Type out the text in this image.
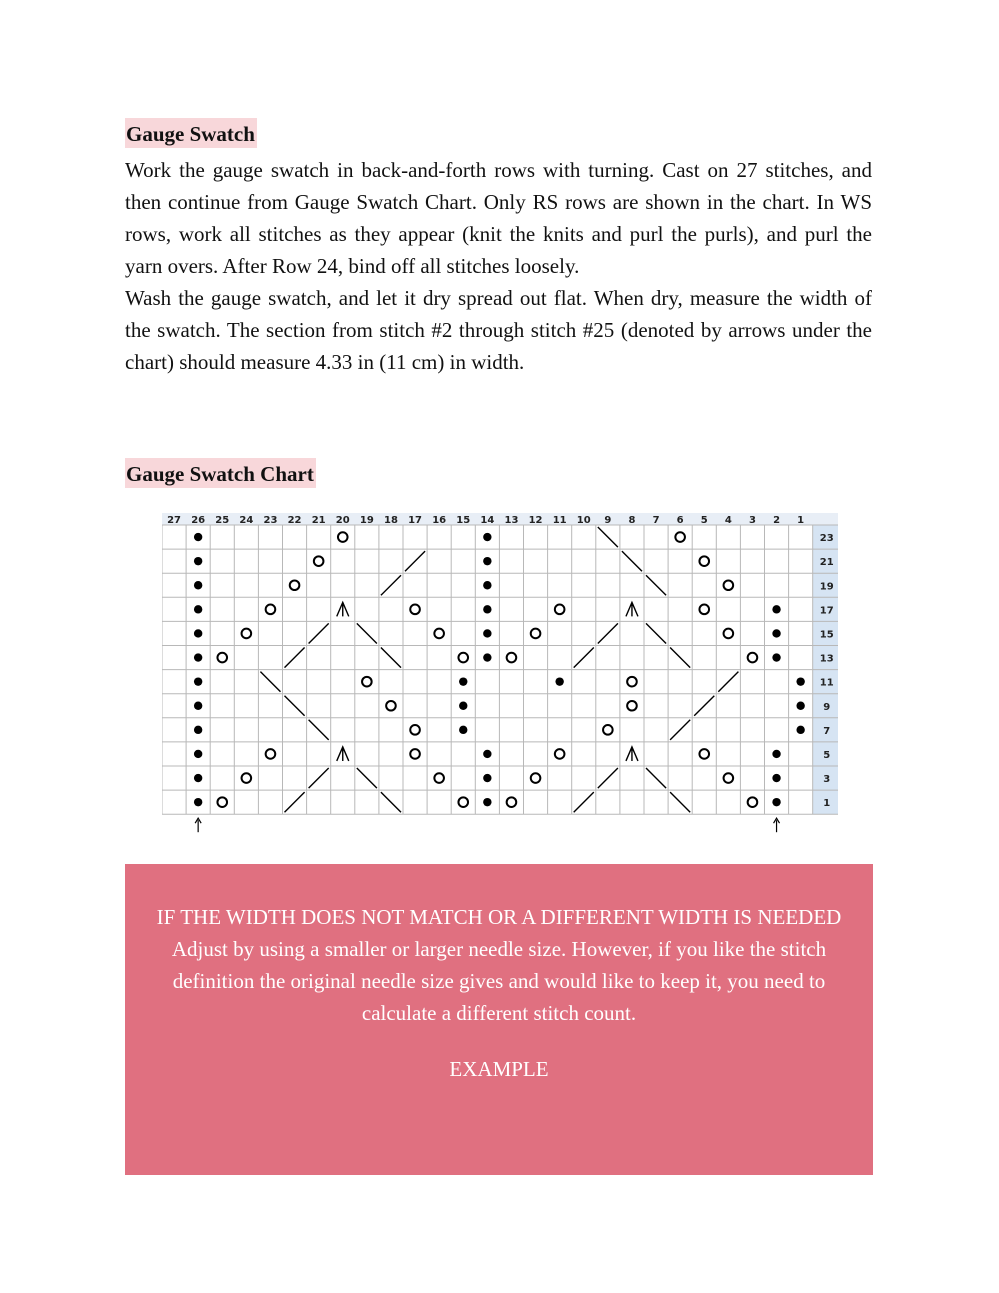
Gauge Swatch

Work the gauge swatch in back-and-forth rows with turning. Cast on 27 stitches, and then continue from Gauge Swatch Chart. Only RS rows are shown in the chart. In WS rows, work all stitches as they appear (knit the knits and purl the purls), and purl the yarn overs. After Row 24, bind off all stitches loosely.

Wash the gauge swatch, and let it dry spread out flat. When dry, measure the width of the swatch. The section from stitch #2 through stitch #25 (denoted by arrows under the chart) should measure 4.33 in (11 cm) in width.

Gauge Swatch Chart
27 26 25 24 23 22 21 20 19 18 17 16 15 14 13 12 11 10 9 8 7 6 5 4 3 2 1
23
21
19
17
15
13
11
9
7
5
3
1
IF THE WIDTH DOES NOT MATCH OR A DIFFERENT WIDTH IS NEEDED
Adjust by using a smaller or larger needle size. However, if you like the stitch definition the original needle size gives and would like to keep it, you need to calculate a different stitch count.
EXAMPLE
